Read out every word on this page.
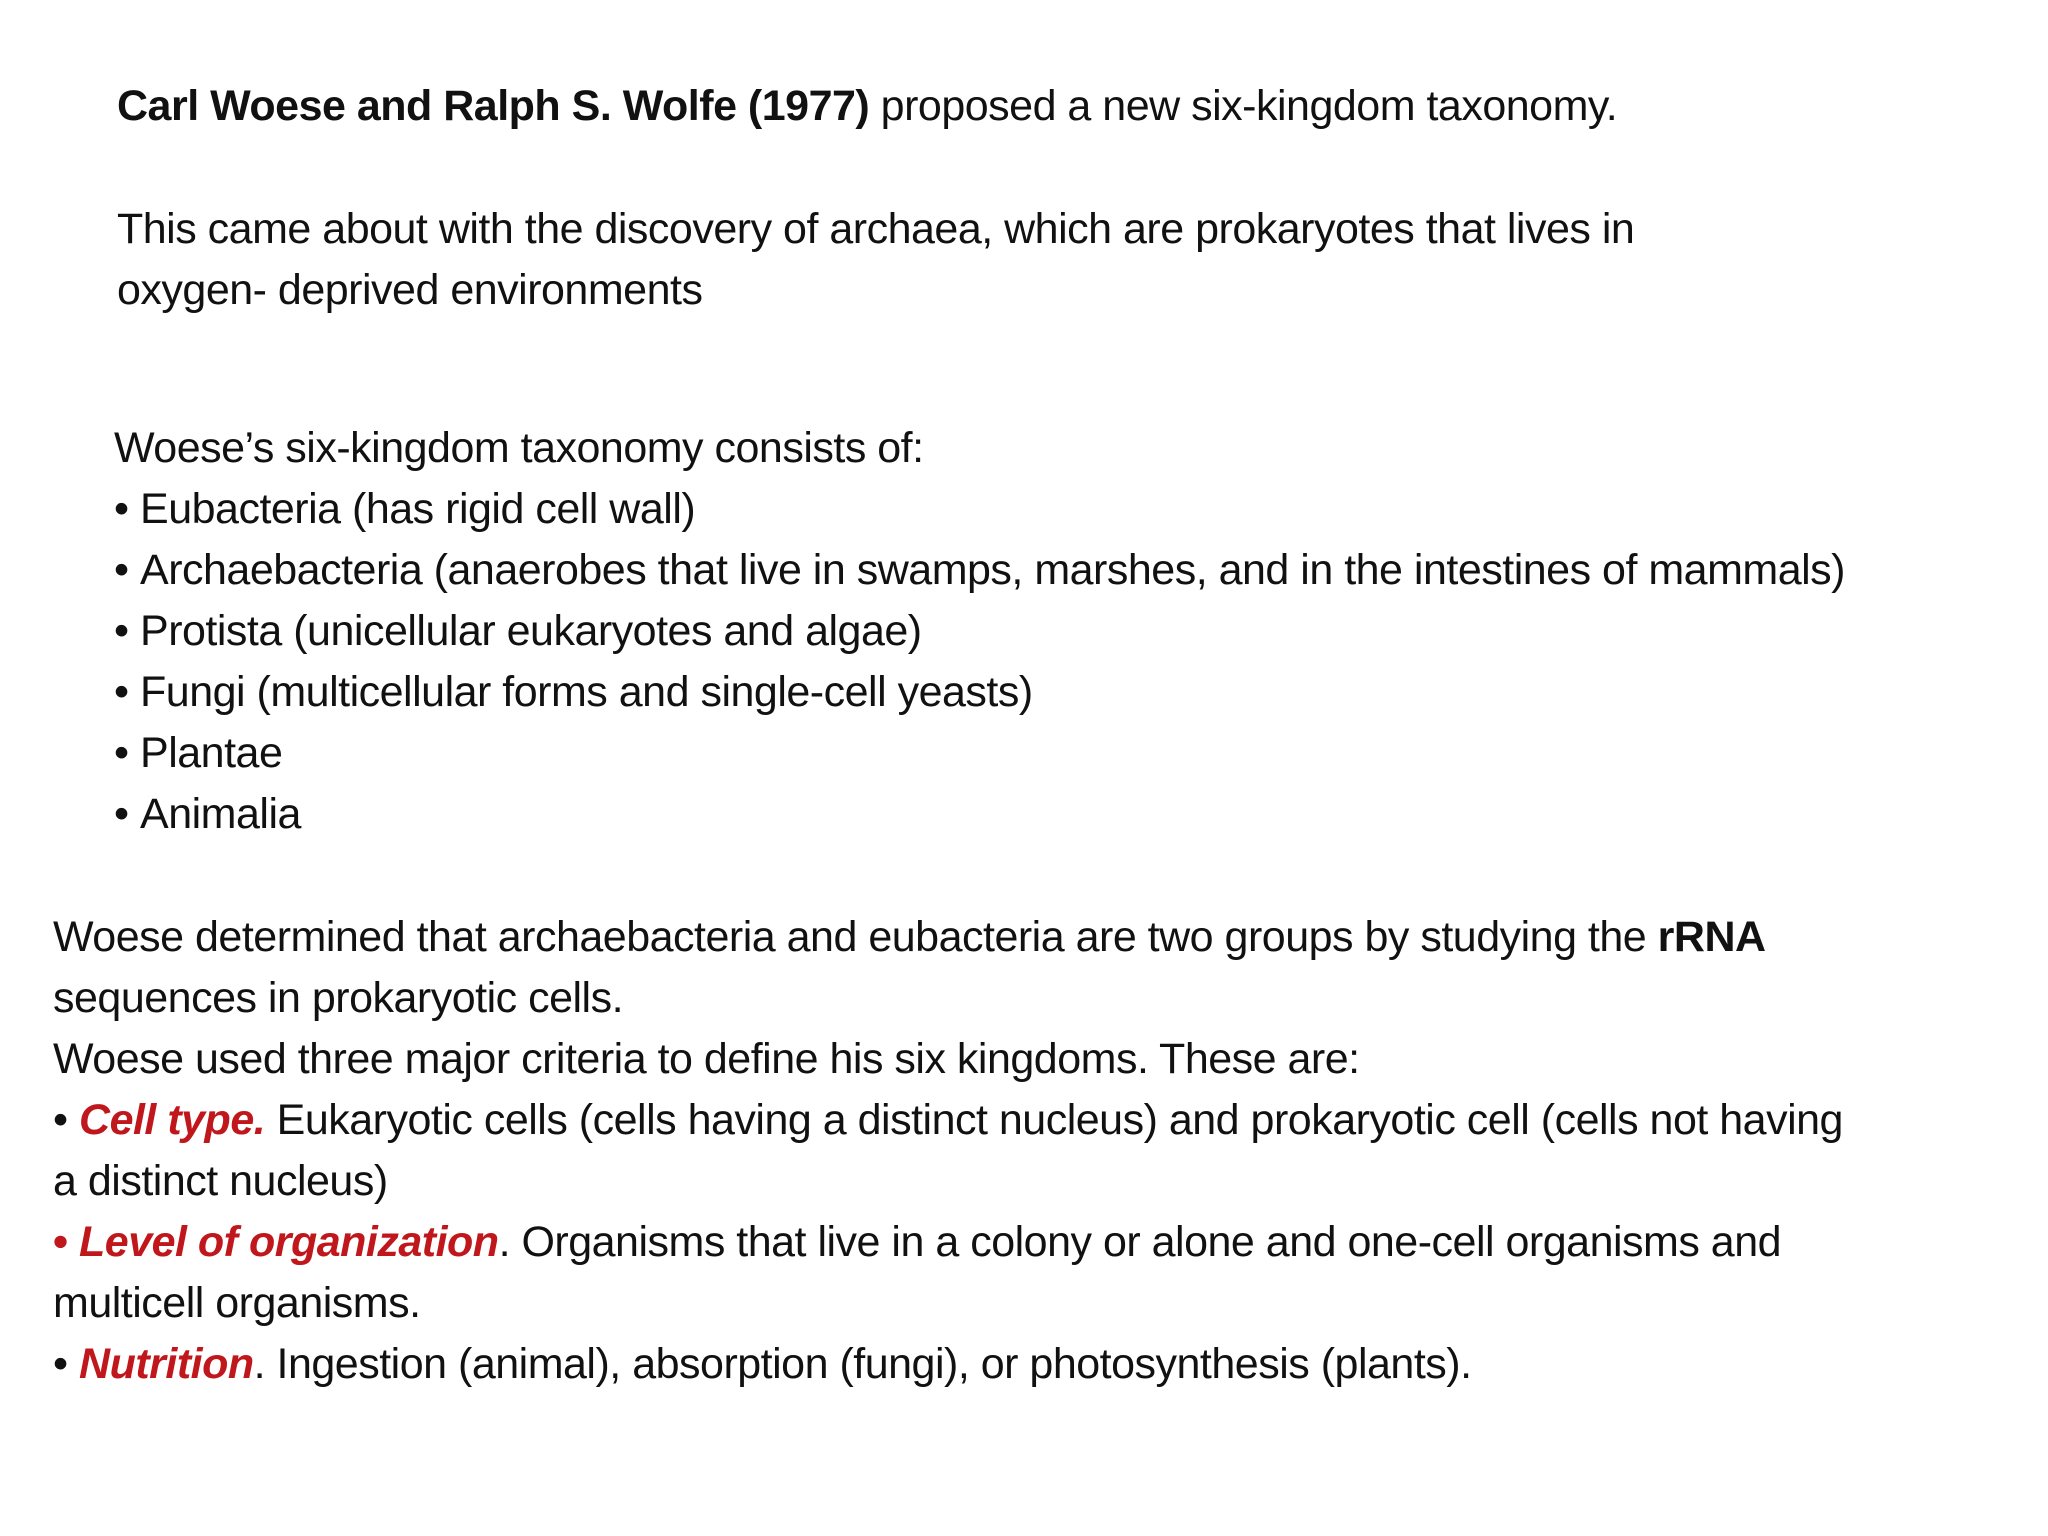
Carl Woese and Ralph S. Wolfe (1977) proposed a new six-kingdom taxonomy.
This came about with the discovery of archaea, which are prokaryotes that lives in
oxygen- deprived environments
Woese’s six-kingdom taxonomy consists of:
• Eubacteria (has rigid cell wall)
• Archaebacteria (anaerobes that live in swamps, marshes, and in the intestines of mammals)
• Protista (unicellular eukaryotes and algae)
• Fungi (multicellular forms and single-cell yeasts)
• Plantae
• Animalia
Woese determined that archaebacteria and eubacteria are two groups by studying the rRNA
sequences in prokaryotic cells.
Woese used three major criteria to define his six kingdoms. These are:
• Cell type. Eukaryotic cells (cells having a distinct nucleus) and prokaryotic cell (cells not having
a distinct nucleus)
• Level of organization. Organisms that live in a colony or alone and one-cell organisms and
multicell organisms.
• Nutrition. Ingestion (animal), absorption (fungi), or photosynthesis (plants).
